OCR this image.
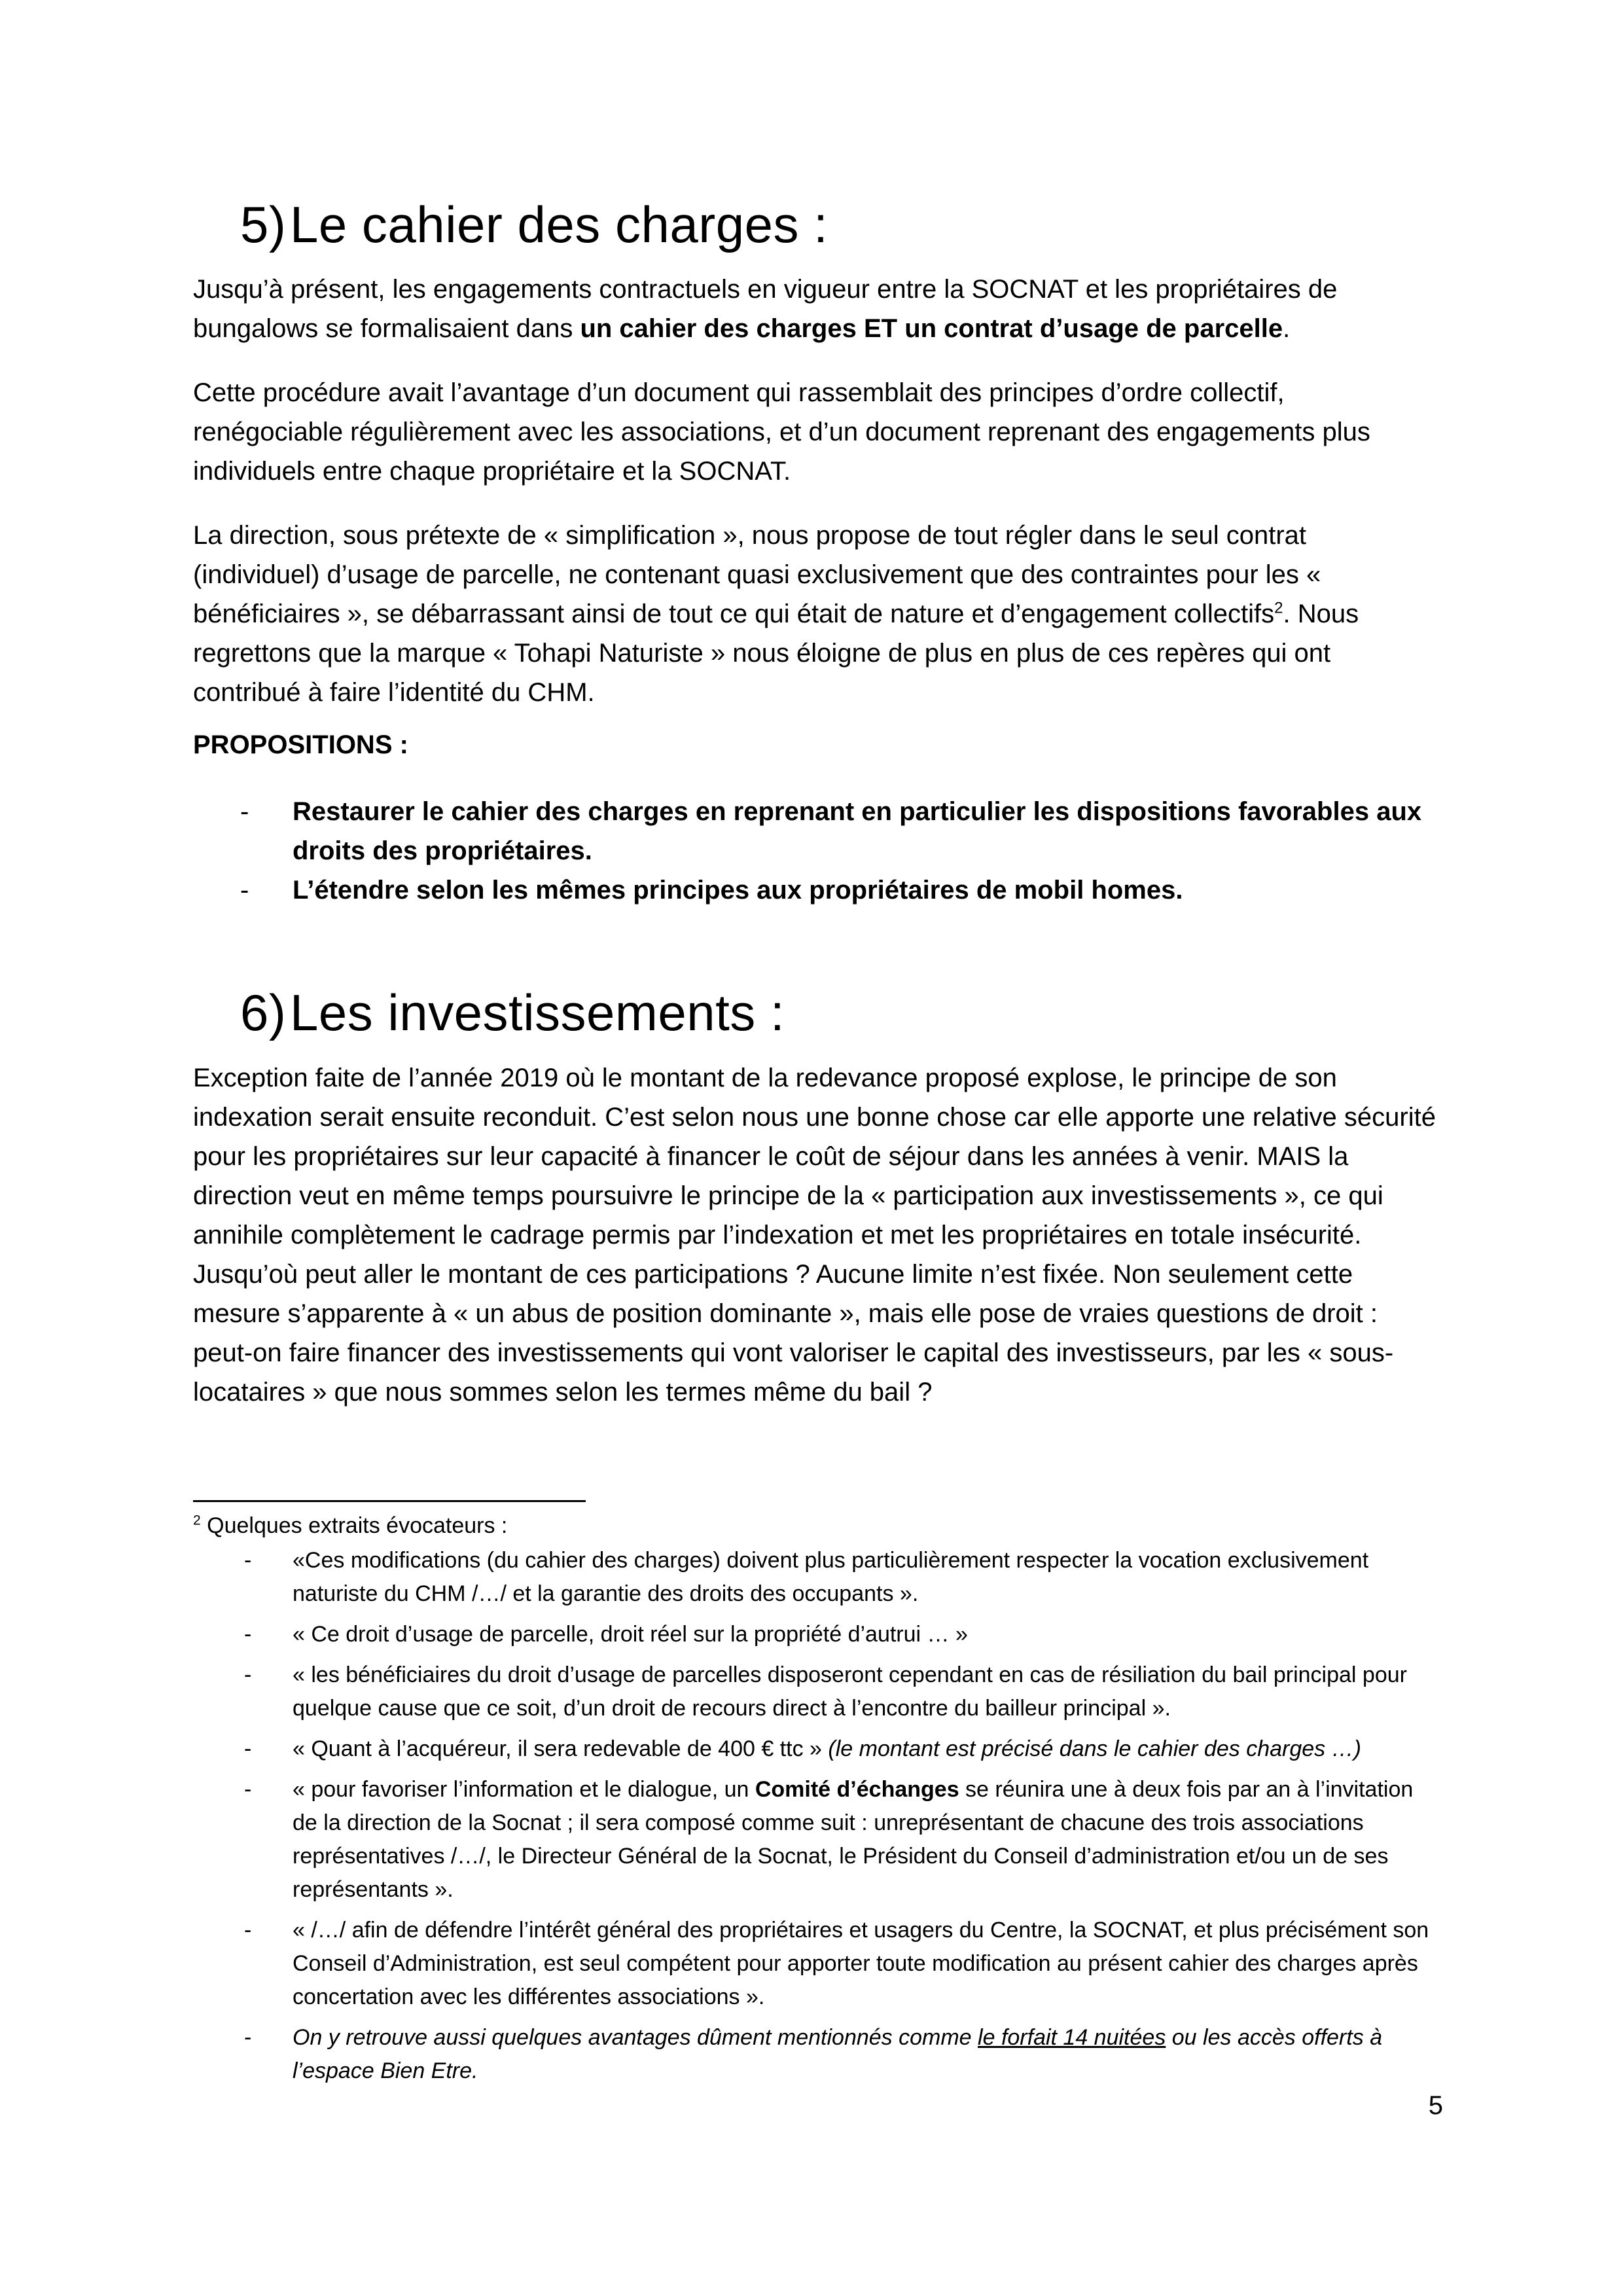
5)Le cahier des charges :

Jusqu’à présent, les engagements contractuels en vigueur entre la SOCNAT et les propriétaires de bungalows se formalisaient dans un cahier des charges ET un contrat d’usage de parcelle.

Cette procédure avait l’avantage d’un document qui rassemblait des principes d’ordre collectif, renégociable régulièrement avec les associations, et d’un document reprenant des engagements plus individuels entre chaque propriétaire et la SOCNAT.

La direction, sous prétexte de « simplification », nous propose de tout régler dans le seul contrat (individuel) d’usage de parcelle, ne contenant quasi exclusivement que des contraintes pour les « bénéficiaires », se débarrassant ainsi de tout ce qui était de nature et d’engagement collectifs$^2$. Nous regrettons que la marque « Tohapi Naturiste » nous éloigne de plus en plus de ces repères qui ont contribué à faire l’identité du CHM.

PROPOSITIONS :

- Restaurer le cahier des charges en reprenant en particulier les dispositions favorables aux droits des propriétaires.
- L’étendre selon les mêmes principes aux propriétaires de mobil homes.
6)Les investissements :

Exception faite de l’année 2019 où le montant de la redevance proposé explose, le principe de son indexation serait ensuite reconduit. C’est selon nous une bonne chose car elle apporte une relative sécurité pour les propriétaires sur leur capacité à financer le coût de séjour dans les années à venir. MAIS la direction veut en même temps poursuivre le principe de la « participation aux investissements », ce qui annihile complètement le cadrage permis par l’indexation et met les propriétaires en totale insécurité. Jusqu’où peut aller le montant de ces participations ? Aucune limite n’est fixée. Non seulement cette mesure s’apparente à « un abus de position dominante », mais elle pose de vraies questions de droit : peut-on faire financer des investissements qui vont valoriser le capital des investisseurs, par les « sous-locataires » que nous sommes selon les termes même du bail ?

$^2$ Quelques extraits évocateurs :

- «Ces modifications (du cahier des charges) doivent plus particulièrement respecter la vocation exclusivement naturiste du CHM /…/ et la garantie des droits des occupants ».
- « Ce droit d’usage de parcelle, droit réel sur la propriété d’autrui … »
- « les bénéficiaires du droit d’usage de parcelles disposeront cependant en cas de résiliation du bail principal pour quelque cause que ce soit, d’un droit de recours direct à l’encontre du bailleur principal ».
- « Quant à l’acquéreur, il sera redevable de 400 € ttc » (le montant est précisé dans le cahier des charges …)
- « pour favoriser l’information et le dialogue, un Comité d’échanges se réunira une à deux fois par an à l’invitation de la direction de la Socnat ; il sera composé comme suit : unreprésentant de chacune des trois associations représentatives /…/, le Directeur Général de la Socnat, le Président du Conseil d’administration et/ou un de ses représentants ».
- « /…/ afin de défendre l’intérêt général des propriétaires et usagers du Centre, la SOCNAT, et plus précisément son Conseil d’Administration, est seul compétent pour apporter toute modification au présent cahier des charges après concertation avec les différentes associations ».
- On y retrouve aussi quelques avantages dûment mentionnés comme le forfait 14 nuitées ou les accès offerts à l’espace Bien Etre.
5
